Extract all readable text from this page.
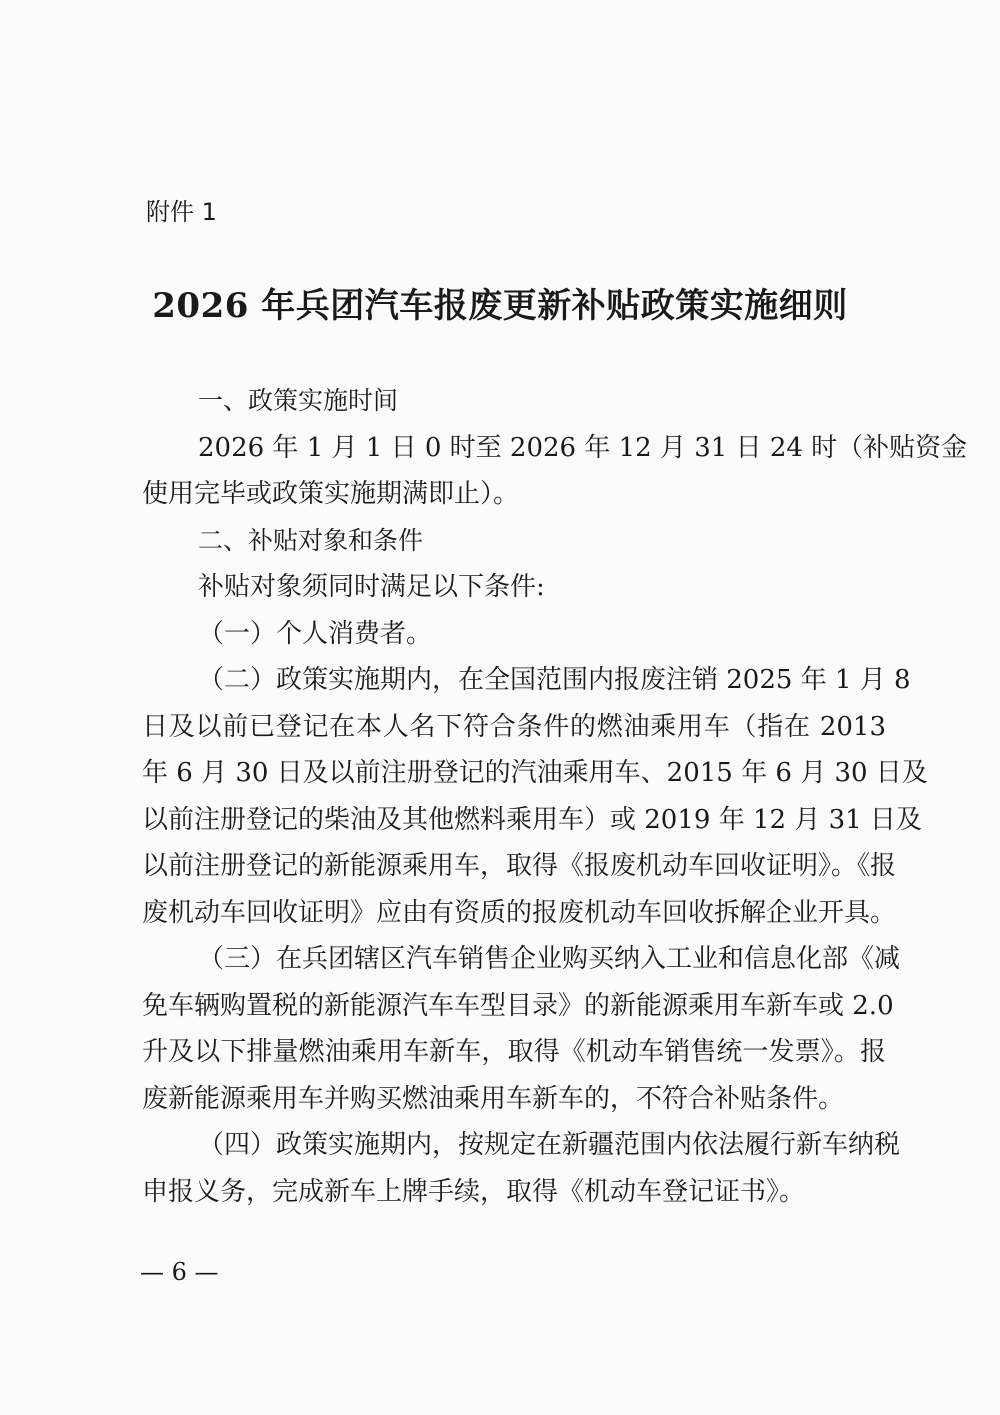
附件 1
2026 年兵团汽车报废更新补贴政策实施细则
一、政策实施时间
2026 年 1 月 1 日 0 时至 2026 年 12 月 31 日 24 时（补贴资金
使用完毕或政策实施期满即止）。
二、补贴对象和条件
补贴对象须同时满足以下条件:
（一）个人消费者。
（二）政策实施期内，在全国范围内报废注销 2025 年 1 月 8
日及以前已登记在本人名下符合条件的燃油乘用车（指在 2013
年 6 月 30 日及以前注册登记的汽油乘用车、2015 年 6 月 30 日及
以前注册登记的柴油及其他燃料乘用车）或 2019 年 12 月 31 日及
以前注册登记的新能源乘用车，取得《报废机动车回收证明》。《报
废机动车回收证明》应由有资质的报废机动车回收拆解企业开具。
（三）在兵团辖区汽车销售企业购买纳入工业和信息化部《减
免车辆购置税的新能源汽车车型目录》的新能源乘用车新车或 2.0
升及以下排量燃油乘用车新车，取得《机动车销售统一发票》。报
废新能源乘用车并购买燃油乘用车新车的，不符合补贴条件。
（四）政策实施期内，按规定在新疆范围内依法履行新车纳税
申报义务，完成新车上牌手续，取得《机动车登记证书》。
— 6 —
